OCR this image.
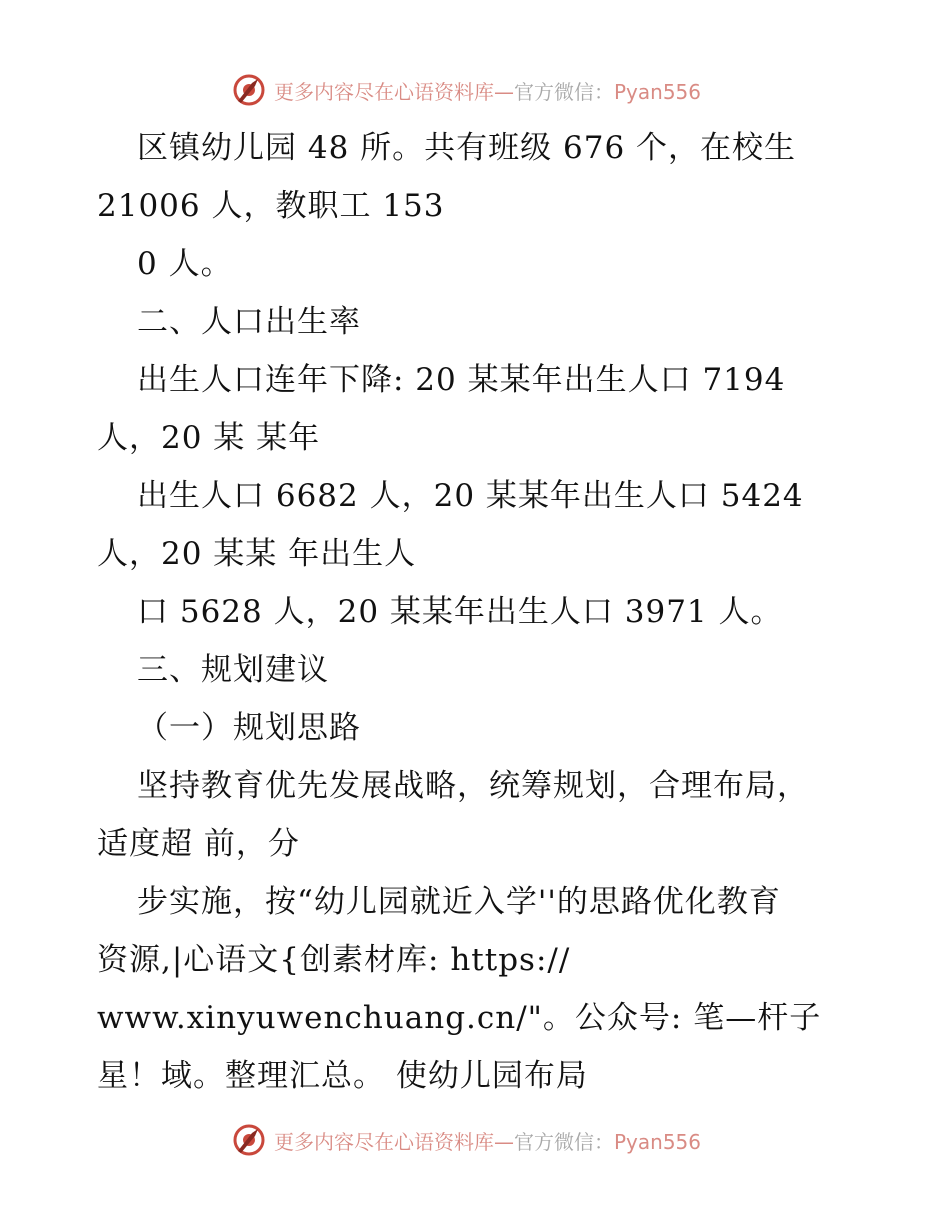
更多内容尽在心语资料库—官方微信：Pyan556
区镇幼儿园 48 所。共有班级 676 个，在校生
21006 人，教职工 153
0 人。
二、人口出生率
出生人口连年下降: 20 某某年出生人口 7194
人，20 某 某年
出生人口 6682 人，20 某某年出生人口 5424
人，20 某某 年出生人
口 5628 人，20 某某年出生人口 3971 人。
三、规划建议
（一）规划思路
坚持教育优先发展战略，统筹规划，合理布局，
适度超 前，分
步实施，按“幼儿园就近入学''的思路优化教育
资源,|心语文{创素材库: https://
www.xinyuwenchuang.cn/"。公众号: 笔—杆子
星！域。整理汇总。 使幼儿园布局
更多内容尽在心语资料库—官方微信：Pyan556
